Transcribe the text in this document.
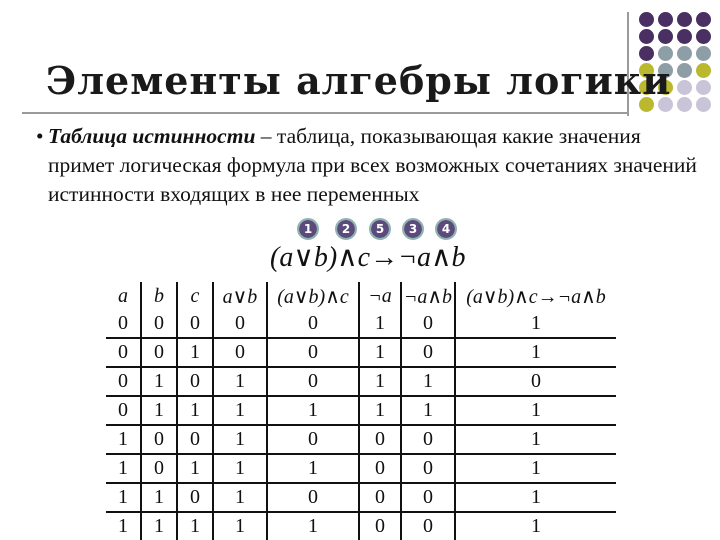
Элементы алгебры логики
• Таблица истинности – таблица, показывающая какие значения примет логическая формула при всех возможных сочетаниях значений истинности входящих в нее переменных
1	2	5	3	4
(a∨b)∧c→¬a∧b
a	b	c	a∨b	(a∨b)∧c	¬a	¬a∧b	(a∨b)∧c→¬a∧b
0	0	0	0	0	1	0	1
0	0	1	0	0	1	0	1
0	1	0	1	0	1	1	0
0	1	1	1	1	1	1	1
1	0	0	1	0	0	0	1
1	0	1	1	1	0	0	1
1	1	0	1	0	0	0	1
1	1	1	1	1	0	0	1
